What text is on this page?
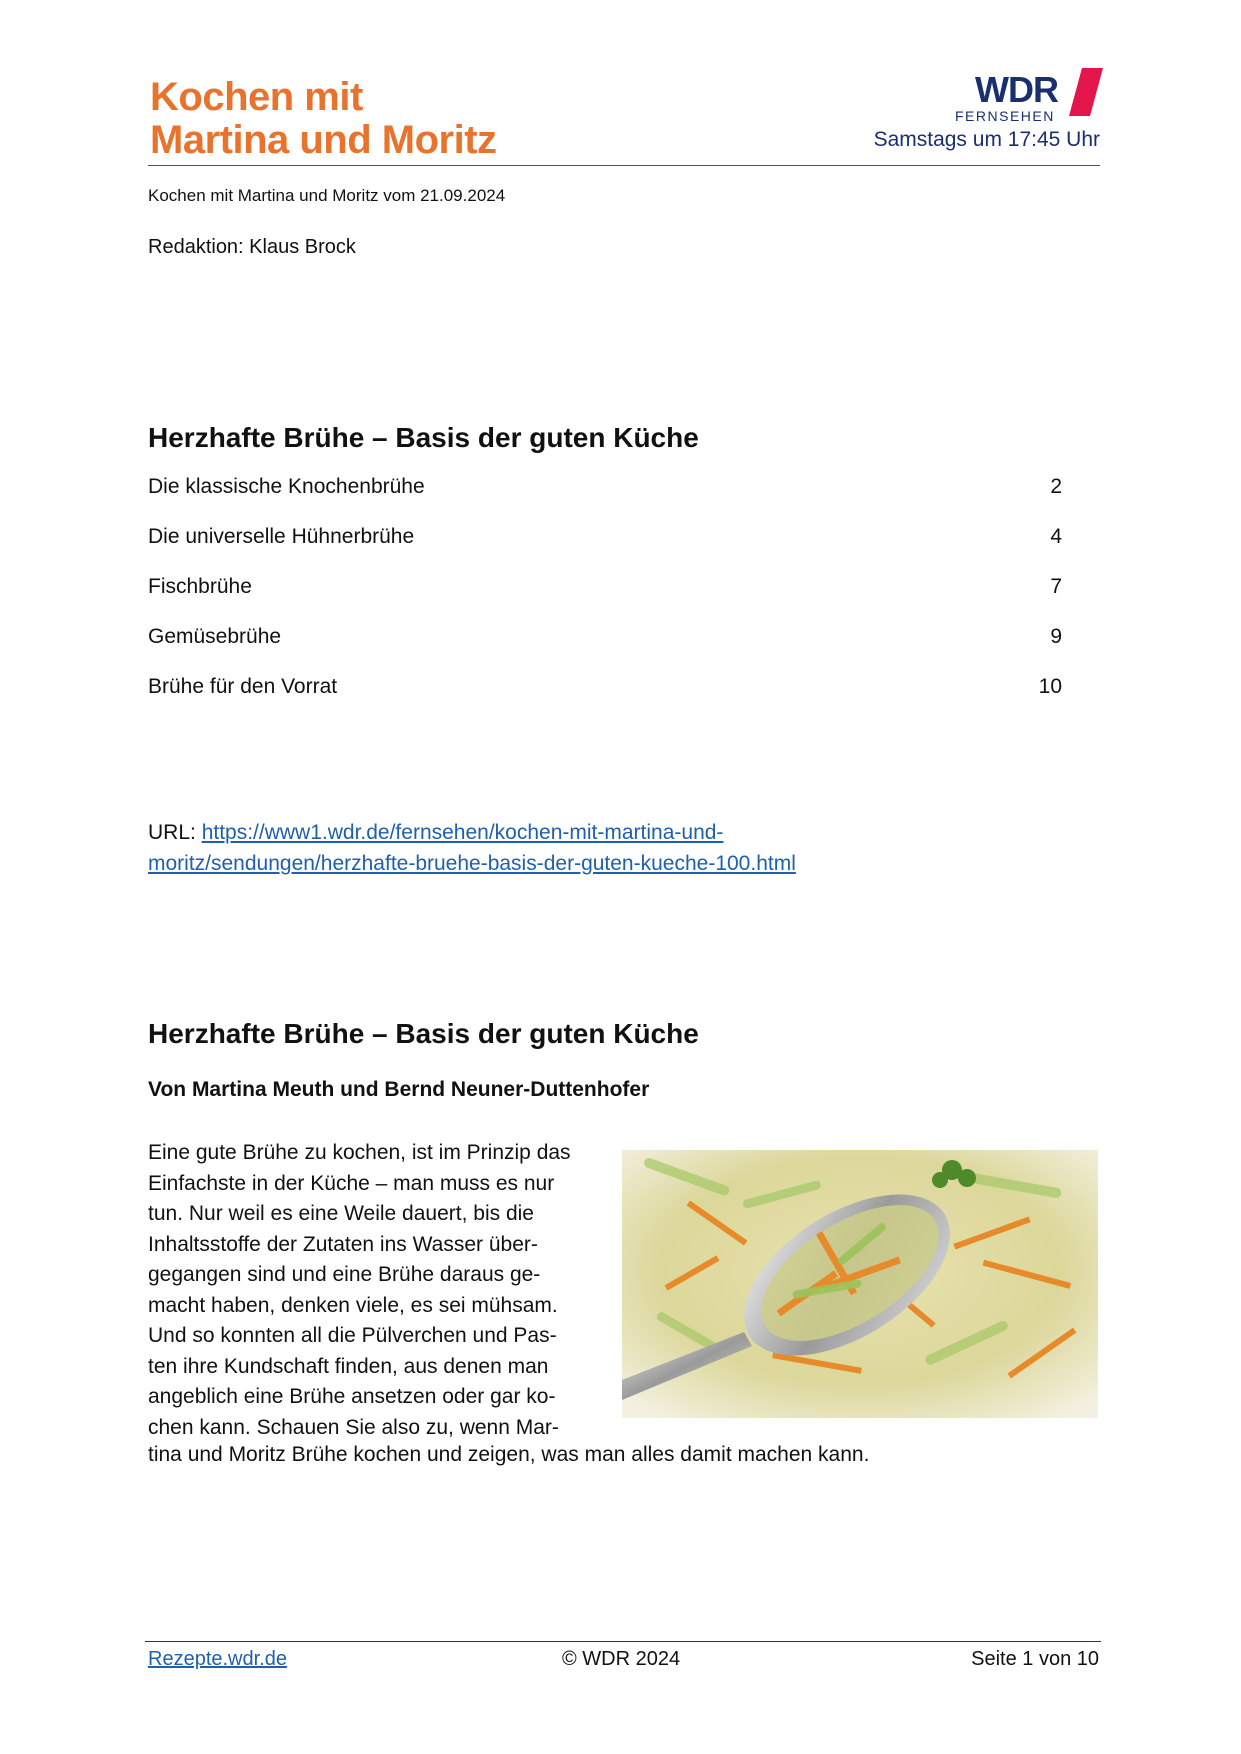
Kochen mit
Martina und Moritz
WDR
FERNSEHEN
Samstags um 17:45 Uhr
Kochen mit Martina und Moritz vom 21.09.2024
Redaktion: Klaus Brock
Herzhafte Brühe – Basis der guten Küche
Die klassische Knochenbrühe	2
Die universelle Hühnerbrühe	4
Fischbrühe	7
Gemüsebrühe	9
Brühe für den Vorrat	10
URL: https://www1.wdr.de/fernsehen/kochen-mit-martina-und-
moritz/sendungen/herzhafte-bruehe-basis-der-guten-kueche-100.html
Herzhafte Brühe – Basis der guten Küche
Von Martina Meuth und Bernd Neuner-Duttenhofer
Eine gute Brühe zu kochen, ist im Prinzip das
Einfachste in der Küche – man muss es nur
tun. Nur weil es eine Weile dauert, bis die
Inhaltsstoffe der Zutaten ins Wasser über-
gegangen sind und eine Brühe daraus ge-
macht haben, denken viele, es sei mühsam.
Und so konnten all die Pülverchen und Pas-
ten ihre Kundschaft finden, aus denen man
angeblich eine Brühe ansetzen oder gar ko-
chen kann. Schauen Sie also zu, wenn Mar-
tina und Moritz Brühe kochen und zeigen, was man alles damit machen kann.
Rezepte.wdr.de	© WDR 2024	Seite 1 von 10
